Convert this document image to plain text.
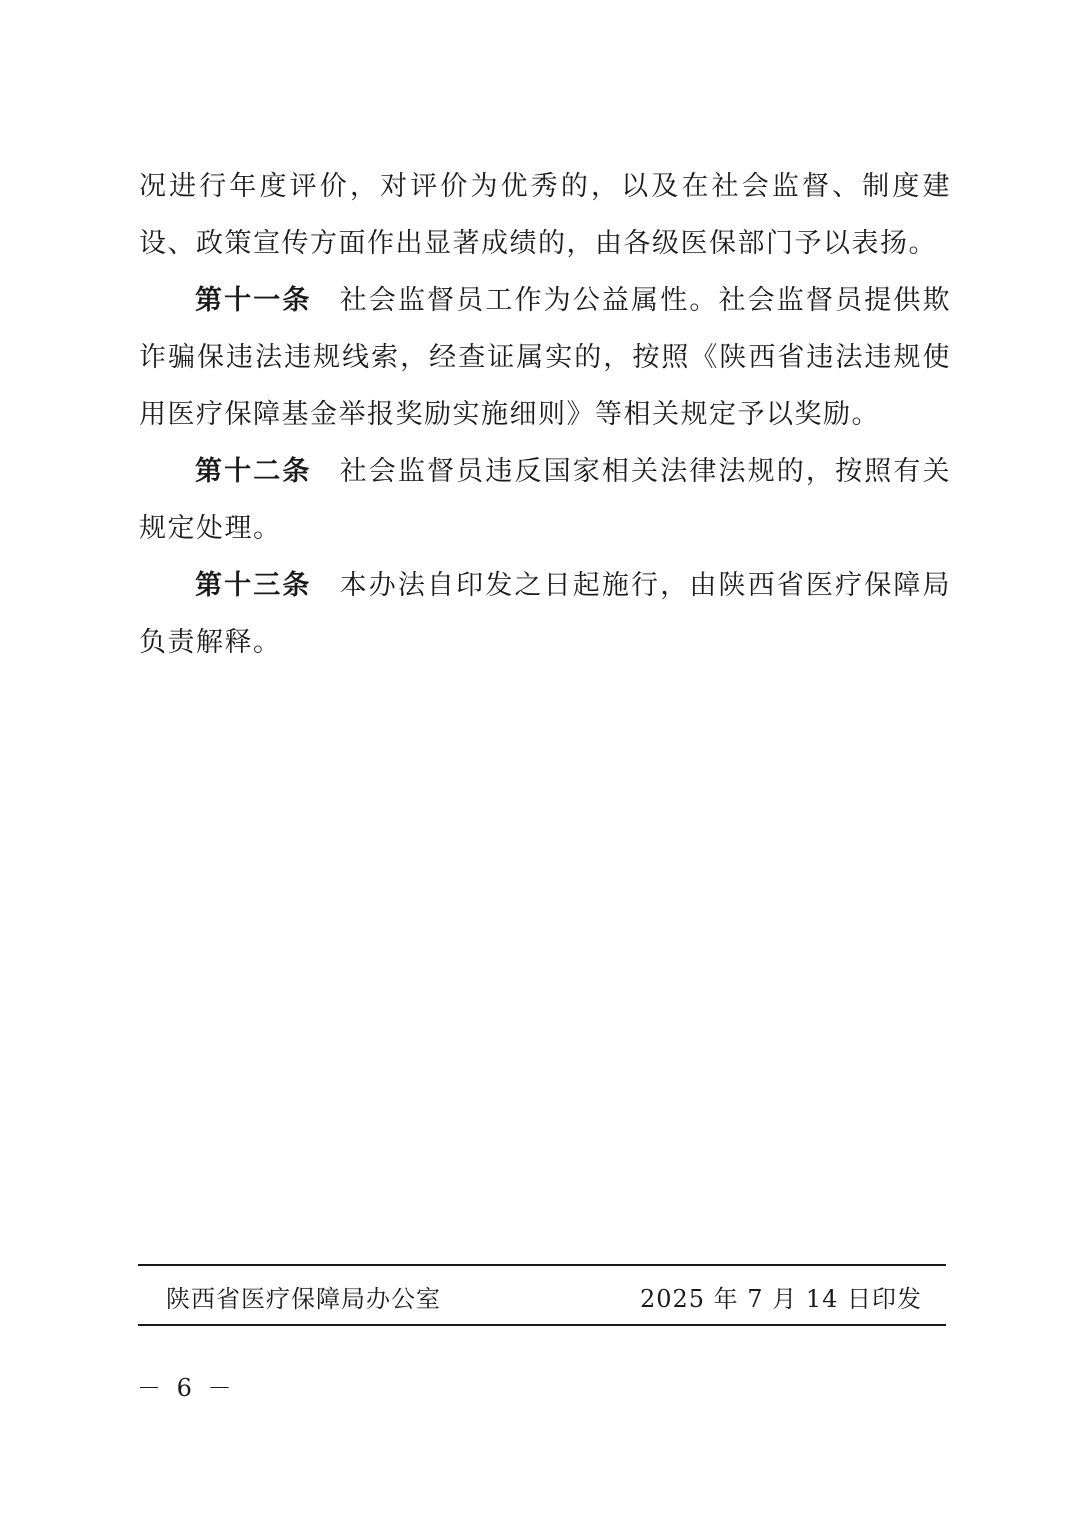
况进行年度评价，对评价为优秀的，以及在社会监督、制度建设、政策宣传方面作出显著成绩的，由各级医保部门予以表扬。

第十一条 社会监督员工作为公益属性。社会监督员提供欺诈骗保违法违规线索，经查证属实的，按照《陕西省违法违规使用医疗保障基金举报奖励实施细则》等相关规定予以奖励。

第十二条 社会监督员违反国家相关法律法规的，按照有关规定处理。

第十三条 本办法自印发之日起施行，由陕西省医疗保障局负责解释。

陕西省医疗保障局办公室	2025 年 7 月 14 日印发
－ 6 －
